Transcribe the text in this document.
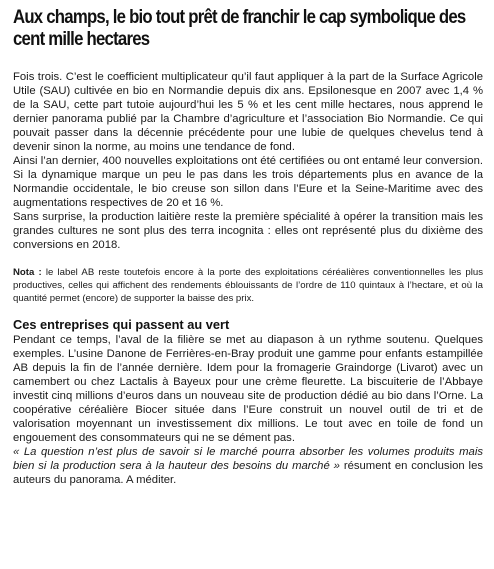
Aux champs, le bio tout prêt de franchir le cap symbolique des cent mille hectares

Fois trois. C’est le coefficient multiplicateur qu’il faut appliquer à la part de la Surface Agricole Utile (SAU) cultivée en bio en Normandie depuis dix ans. Epsilonesque en 2007 avec 1,4 % de la SAU, cette part tutoie aujourd’hui les 5 % et les cent mille hectares, nous apprend le dernier panorama publié par la Chambre d’agriculture et l’association Bio Normandie. Ce qui pouvait passer dans la décennie précédente pour une lubie de quelques chevelus tend à devenir sinon la norme, au moins une tendance de fond.

Ainsi l’an dernier, 400 nouvelles exploitations ont été certifiées ou ont entamé leur conversion. Si la dynamique marque un peu le pas dans les trois départements plus en avance de la Normandie occidentale, le bio creuse son sillon dans l’Eure et la Seine-Maritime avec des augmentations respectives de 20 et 16 %.

Sans surprise, la production laitière reste la première spécialité à opérer la transition mais les grandes cultures ne sont plus des terra incognita : elles ont représenté plus du dixième des conversions en 2018.

Nota : le label AB reste toutefois encore à la porte des exploitations céréalières conventionnelles les plus productives, celles qui affichent des rendements éblouissants de l’ordre de 110 quintaux à l’hectare, et où la quantité permet (encore) de supporter la baisse des prix.

Ces entreprises qui passent au vert

Pendant ce temps, l’aval de la filière se met au diapason à un rythme soutenu. Quelques exemples. L’usine Danone de Ferrières-en-Bray produit une gamme pour enfants estampillée AB depuis la fin de l’année dernière. Idem pour la fromagerie Graindorge (Livarot) avec un camembert ou chez Lactalis à Bayeux pour une crème fleurette. La biscuiterie de l’Abbaye investit cinq millions d’euros dans un nouveau site de production dédié au bio dans l’Orne. La coopérative céréalière Biocer située dans l’Eure construit un nouvel outil de tri et de valorisation moyennant un investissement dix millions. Le tout avec en toile de fond un engouement des consommateurs qui ne se dément pas.

« La question n’est plus de savoir si le marché pourra absorber les volumes produits mais bien si la production sera à la hauteur des besoins du marché » résument en conclusion les auteurs du panorama. A méditer.
